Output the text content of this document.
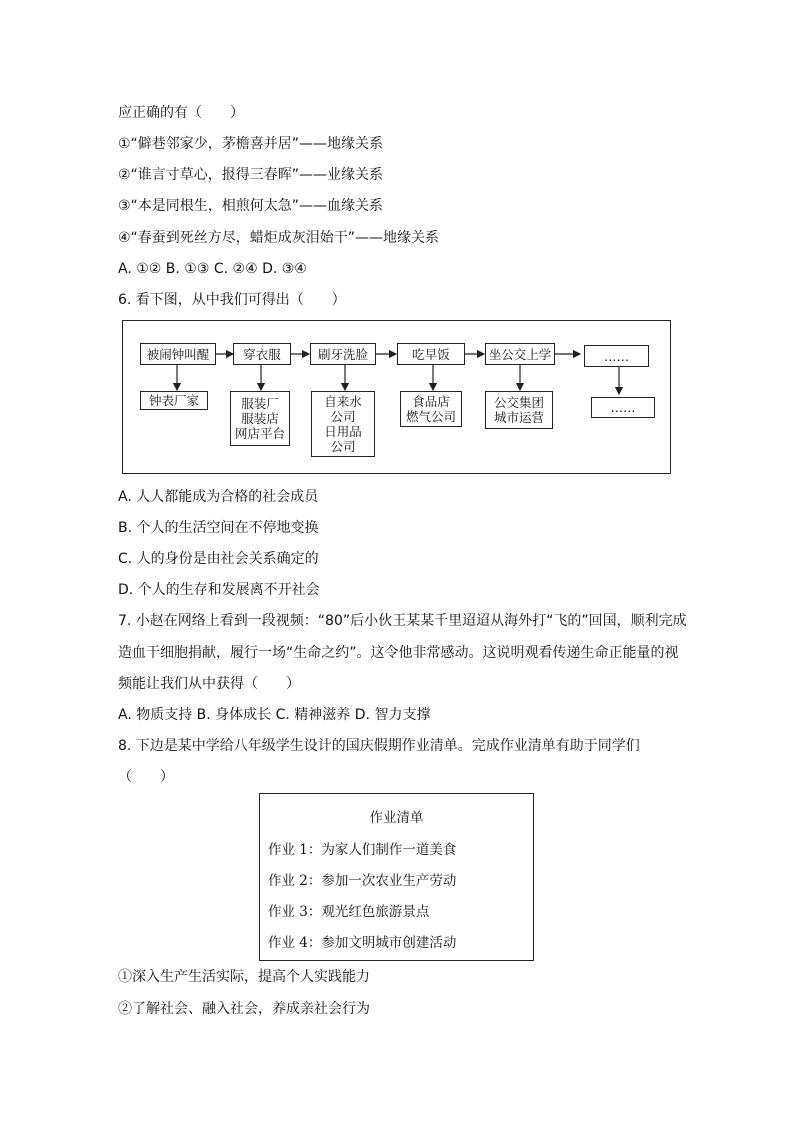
应正确的有（　　）
①“僻巷邻家少，茅檐喜并居”——地缘关系
②“谁言寸草心，报得三春晖”——业缘关系
③“本是同根生，相煎何太急”——血缘关系
④“春蚕到死丝方尽，蜡炬成灰泪始干”——地缘关系
A. ①② B. ①③ C. ②④ D. ③④
6. 看下图，从中我们可得出（　　）
被闹钟叫醒	穿衣服	刷牙洗脸	吃早饭	坐公交上学	……
钟表厂家	服装厂
服装店
网店平台
自来水
公司
日用品
公司
食品店
燃气公司
公交集团
城市运营
……
A. 人人都能成为合格的社会成员
B. 个人的生活空间在不停地变换
C. 人的身份是由社会关系确定的
D. 个人的生存和发展离不开社会
7. 小赵在网络上看到一段视频：“80”后小伙王某某千里迢迢从海外打“飞的”回国，顺利完成
造血干细胞捐献，履行一场“生命之约”。这令他非常感动。这说明观看传递生命正能量的视
频能让我们从中获得（　　）
A. 物质支持 B. 身体成长 C. 精神滋养 D. 智力支撑
8. 下边是某中学给八年级学生设计的国庆假期作业清单。完成作业清单有助于同学们
（　　）
作业清单
作业 1：为家人们制作一道美食
作业 2：参加一次农业生产劳动
作业 3：观光红色旅游景点
作业 4：参加文明城市创建活动
①深入生产生活实际，提高个人实践能力
②了解社会、融入社会，养成亲社会行为
